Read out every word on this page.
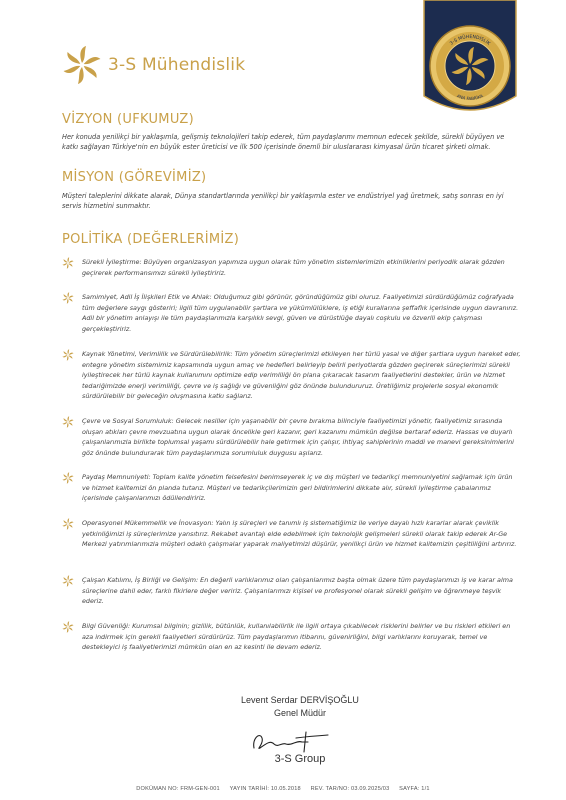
3-S Mühendislik
3-S MÜHENDİSLİK
ANA FABRİKA
VİZYON (UFKUMUZ)
Her konuda yenilikçi bir yaklaşımla, gelişmiş teknolojileri takip ederek, tüm paydaşlarımı memnun edecek şekilde, sürekli büyüyen ve katkı sağlayan Türkiye'nin en büyük ester üreticisi ve ilk 500 içerisinde önemli bir uluslararası kimyasal ürün ticaret şirketi olmak.
MİSYON (GÖREVİMİZ)
Müşteri taleplerini dikkate alarak, Dünya standartlarında yenilikçi bir yaklaşımla ester ve endüstriyel yağ üretmek, satış sonrası en iyi servis hizmetini sunmaktır.
POLİTİKA (DEĞERLERİMİZ)
Sürekli İyileştirme: Büyüyen organizasyon yapımıza uygun olarak tüm yönetim sistemlerimizin etkinliklerini periyodik olarak gözden geçirerek performansımızı sürekli iyileştiririz.
Samimiyet, Adil İş İlişkileri Etik ve Ahlak: Olduğumuz gibi görünür, göründüğümüz gibi oluruz. Faaliyetimizi sürdürdüğümüz coğrafyada tüm değerlere saygı gösteriri; ilgili tüm uygulanabilir şartlara ve yükümlülüklere, iş etiği kurallarına şeffaflık içerisinde uygun davranırız. Adil bir yönetim anlayışı ile tüm paydaşlarımızla karşılıklı sevgi, güven ve dürüstlüğe dayalı coşkulu ve özverili ekip çalışması gerçekleştiririz.
Kaynak Yönetimi, Verimlilik ve Sürdürülebilirlik: Tüm yönetim süreçlerimizi etkileyen her türlü yasal ve diğer şartlara uygun hareket eder, entegre yönetim sistemimiz kapsamında uygun amaç ve hedefleri belirleyip belirli periyotlarda gözden geçirerek süreçlerimizi sürekli iyileştirecek her türlü kaynak kullanımını optimize edip verimliliği ön plana çıkaracak tasarım faaliyetlerini destekler, ürün ve hizmet tedariğimizde enerji verimliliği, çevre ve iş sağlığı ve güvenliğini göz önünde bulundururuz. Üretilğimiz projelerle sosyal ekonomik sürdürülebilir bir geleceğin oluşmasına katkı sağlarız.
Çevre ve Sosyal Sorumluluk: Gelecek nesiller için yaşanabilir bir çevre bırakma bilinciyle faaliyetimizi yönetir, faaliyetimiz sırasında oluşan atıkları çevre mevzuatına uygun olarak öncelikle geri kazanır, geri kazanımı mümkün değilse bertaraf ederiz. Hassas ve duyarlı çalışanlarımızla birlikte toplumsal yaşamı sürdürülebilir hale getirmek için çalışır, ihtiyaç sahiplerinin maddi ve manevi gereksinimlerini göz önünde bulundurarak tüm paydaşlarımıza sorumluluk duygusu aşılarız.
Paydaş Memnuniyeti: Toplam kalite yönetim felsefesini benimseyerek iç ve dış müşteri ve tedarikçi memnuniyetini sağlamak için ürün ve hizmet kalitemizi ön planda tutarız. Müşteri ve tedarikçilerimizin geri bildirimlerini dikkate alır, sürekli iyileştirme çabalarımız içerisinde çalışanlarımızı ödüllendiririz.
Operasyonel Mükemmellik ve İnovasyon: Yalın iş süreçleri ve tanımlı iş sistematiğimiz ile veriye dayalı hızlı kararlar alarak çeviklik yetkinliğimizi iş süreçlerimize yansıtırız. Rekabet avantajı elde edebilmek için teknolojik gelişmeleri sürekli olarak takip ederek Ar-Ge Merkezi yatırımlarımızla müşteri odaklı çalışmalar yaparak maliyetimizi düşürür, yenilikçi ürün ve hizmet kalitemizin çeşitliliğini artırırız.
Çalışan Katılımı, İş Birliği ve Gelişim: En değerli varlıklarımız olan çalışanlarımız başta olmak üzere tüm paydaşlarımızı iş ve karar alma süreçlerine dahil eder, farklı fikirlere değer veririz. Çalışanlarımızı kişisel ve profesyonel olarak sürekli gelişim ve öğrenmeye teşvik ederiz.
Bilgi Güvenliği: Kurumsal bilginin; gizlilik, bütünlük, kullanılabilirlik ile ilgili ortaya çıkabilecek risklerini belirler ve bu riskleri etkileri en aza indirmek için gerekli faaliyetleri sürdürürüz. Tüm paydaşlarımın itibarını, güvenirliğini, bilgi varlıklarını koruyarak, temel ve destekleyici iş faaliyetlerimizi mümkün olan en az kesinti ile devam ederiz.
Levent Serdar DERVİŞOĞLU
Genel Müdür
3-S Group
DOKÜMAN NO: FRM-GEN-001 YAYIN TARİHİ: 10.05.2018 REV. TAR/NO: 03.09.2025/03 SAYFA: 1/1
